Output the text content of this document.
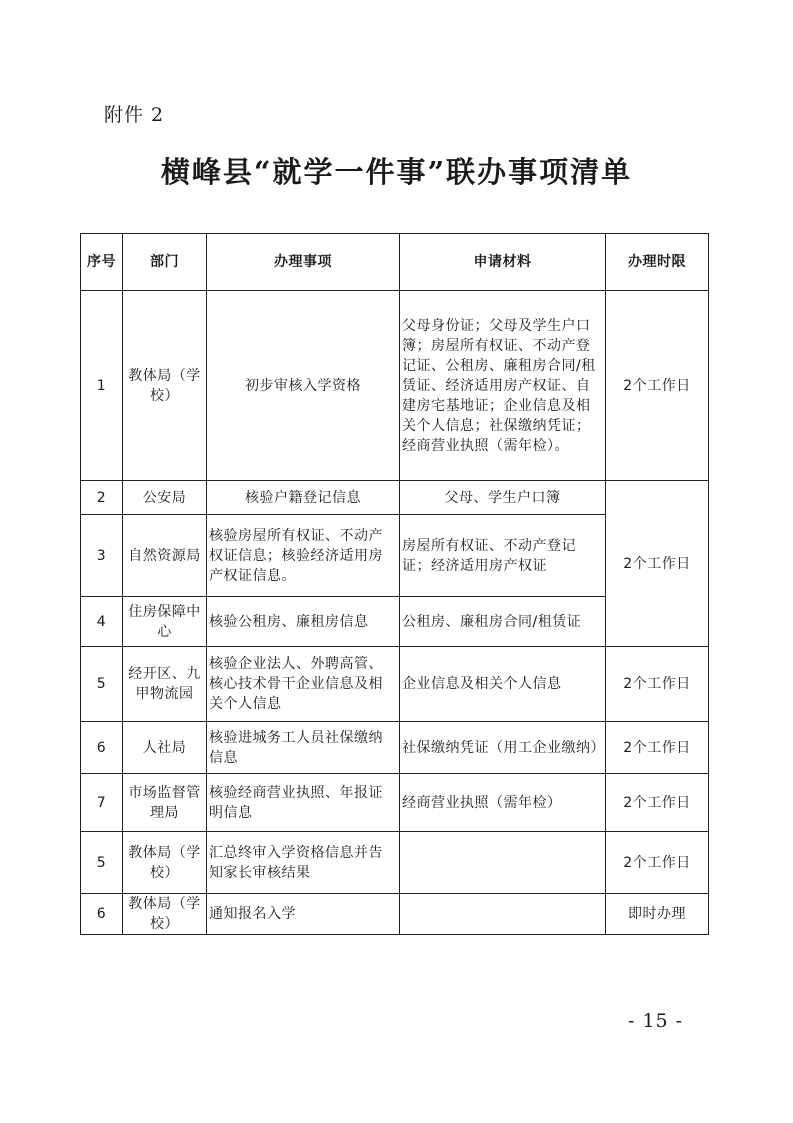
附件 2
横峰县“就学一件事”联办事项清单
序号	部门	办理事项	申请材料	办理时限
1	教体局（学校）	初步审核入学资格	父母身份证；父母及学生户口簿；房屋所有权证、不动产登记证、公租房、廉租房合同/租赁证、经济适用房产权证、自建房宅基地证；企业信息及相关个人信息；社保缴纳凭证；经商营业执照（需年检）。	2个工作日
2	公安局	核验户籍登记信息	父母、学生户口簿	2个工作日
3	自然资源局	核验房屋所有权证、不动产权证信息；核验经济适用房产权证信息。	房屋所有权证、不动产登记证；经济适用房产权证	
4	住房保障中心	核验公租房、廉租房信息	公租房、廉租房合同/租赁证	
5	经开区、九甲物流园	核验企业法人、外聘高管、核心技术骨干企业信息及相关个人信息	企业信息及相关个人信息	2个工作日
6	人社局	核验进城务工人员社保缴纳信息	社保缴纳凭证（用工企业缴纳）	2个工作日
7	市场监督管理局	核验经商营业执照、年报证明信息	经商营业执照（需年检）	2个工作日
5	教体局（学校）	汇总终审入学资格信息并告知家长审核结果		2个工作日
6	教体局（学校）	通知报名入学		即时办理
- 15 -
